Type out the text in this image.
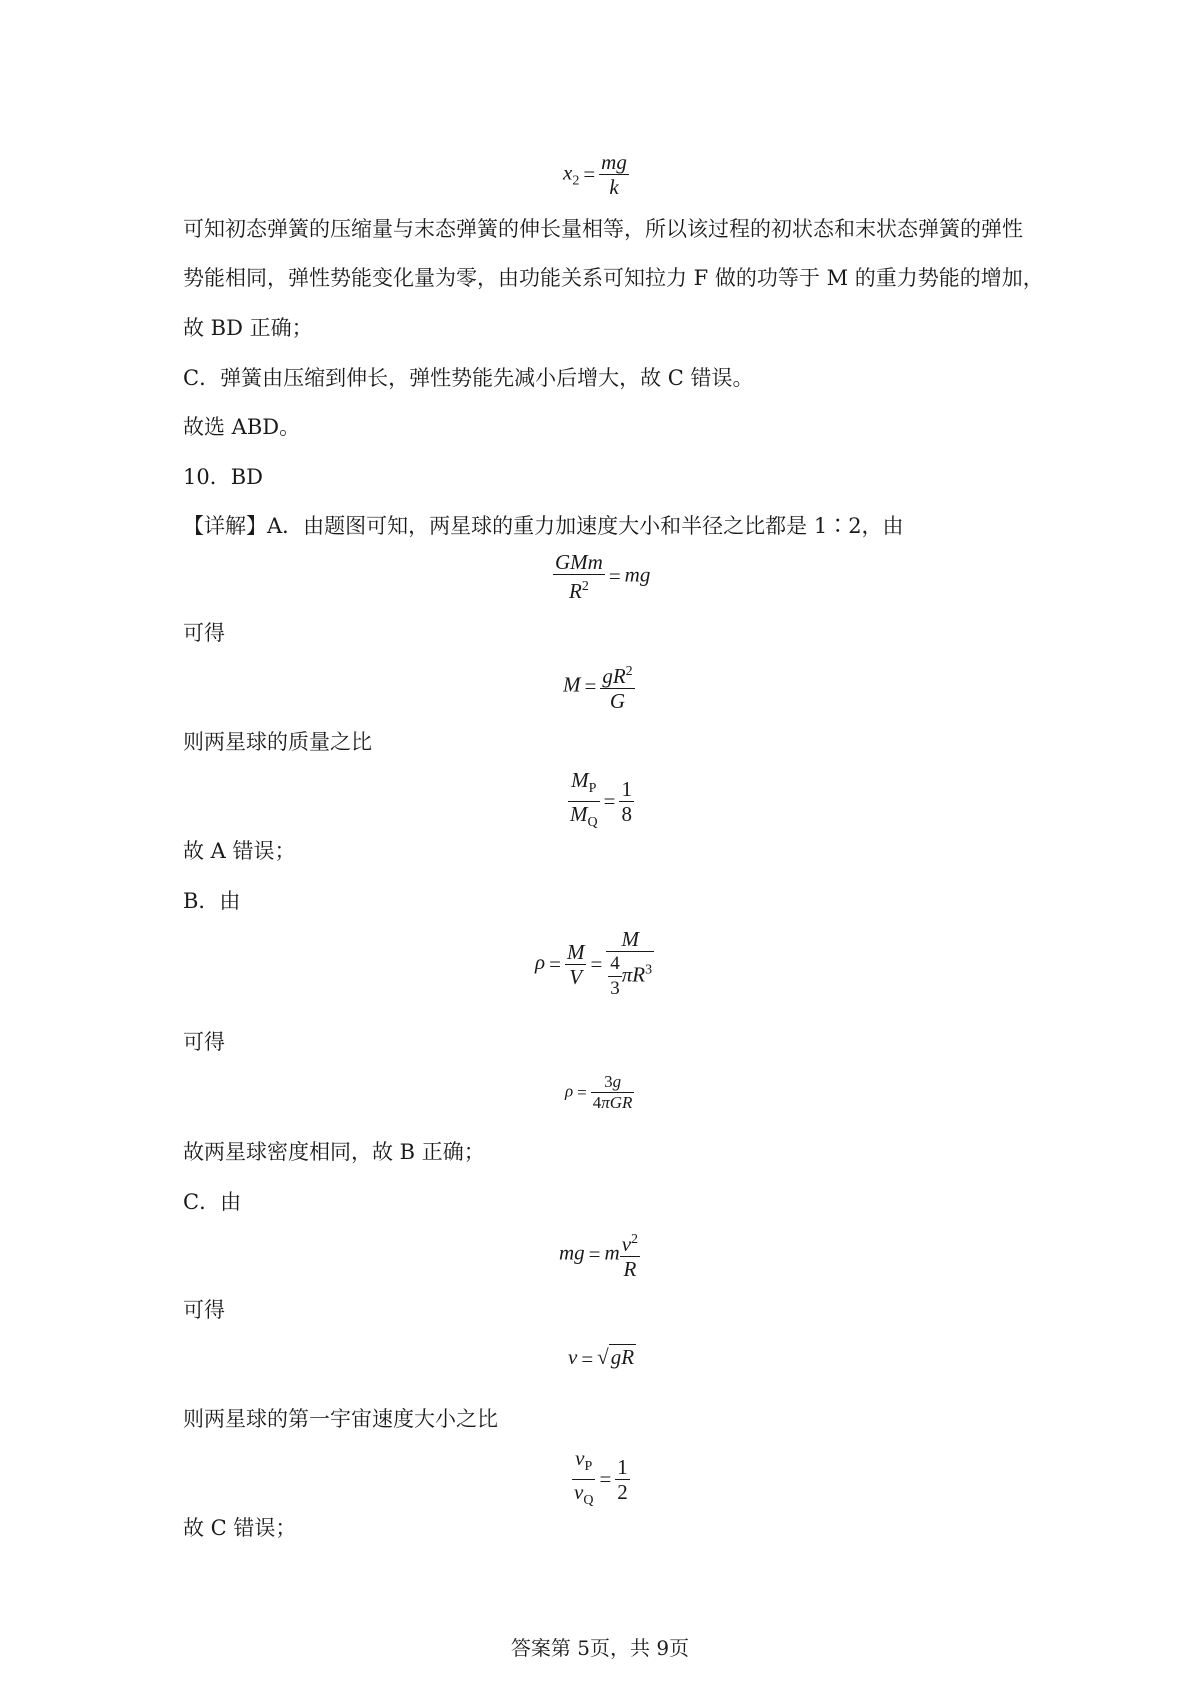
$x_2 = \frac{mg}{k}$
可知初态弹簧的压缩量与末态弹簧的伸长量相等，所以该过程的初状态和末状态弹簧的弹性
势能相同，弹性势能变化量为零，由功能关系可知拉力 F 做的功等于 M 的重力势能的增加，
故 BD 正确；
C．弹簧由压缩到伸长，弹性势能先减小后增大，故 C 错误。
故选 ABD。
10．BD
【详解】A．由题图可知，两星球的重力加速度大小和半径之比都是 1∶2，由
$\frac{\text{GMm}}{R^2}$ = mg
可得
$M = \frac{gR^2}{G}$
则两星球的质量之比
$\frac{M_P}{M_Q} = \frac{1}{8}$
故 A 错误；
B．由
$\rho = \frac{M}{V} = \frac{M}{\frac{4}{3} \pi R^3}$
可得
$\rho = \frac{3g}{\text{4πGR}}$
故两星球密度相同，故 B 正确；
C．由
mg = m $\frac{v^2}{R}$
可得
v = √gR
则两星球的第一宇宙速度大小之比
$\frac{v_P}{v_Q} = \frac{1}{2}$
故 C 错误；
答案第 5页，共 9页
